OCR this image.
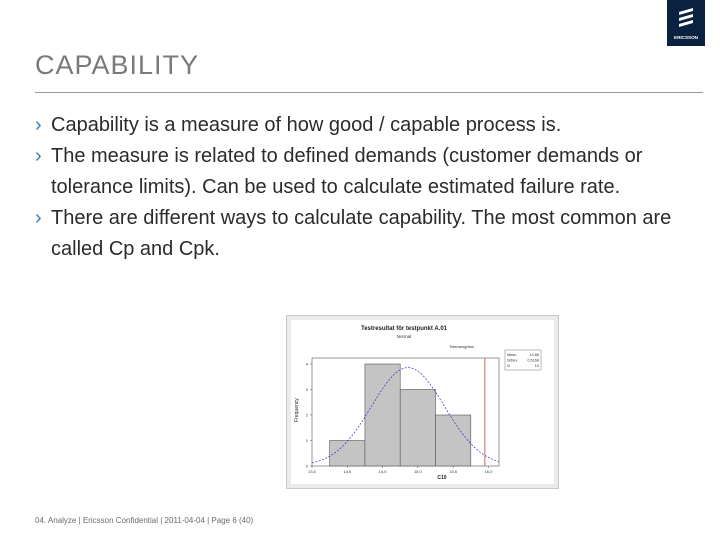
ERICSSON
CAPABILITY
› Capability is a measure of how good / capable process is.
› The measure is related to defined demands (customer demands or tolerance limits). Can be used to calculate estimated failure rate.
› There are different ways to calculate capability. The most common are called Cp and Cpk.
Testresultat för testpunkt A.01
Normal
Toleransgräns
C10
Frequency
0
1
2
3
4
13,5	14,0	14,5	15,0	15,5	16,0
Mean	14,86
StDev	0,5168
N	10
04. Analyze | Ericsson Confidential | 2011-04-04 | Page 6 (40)
